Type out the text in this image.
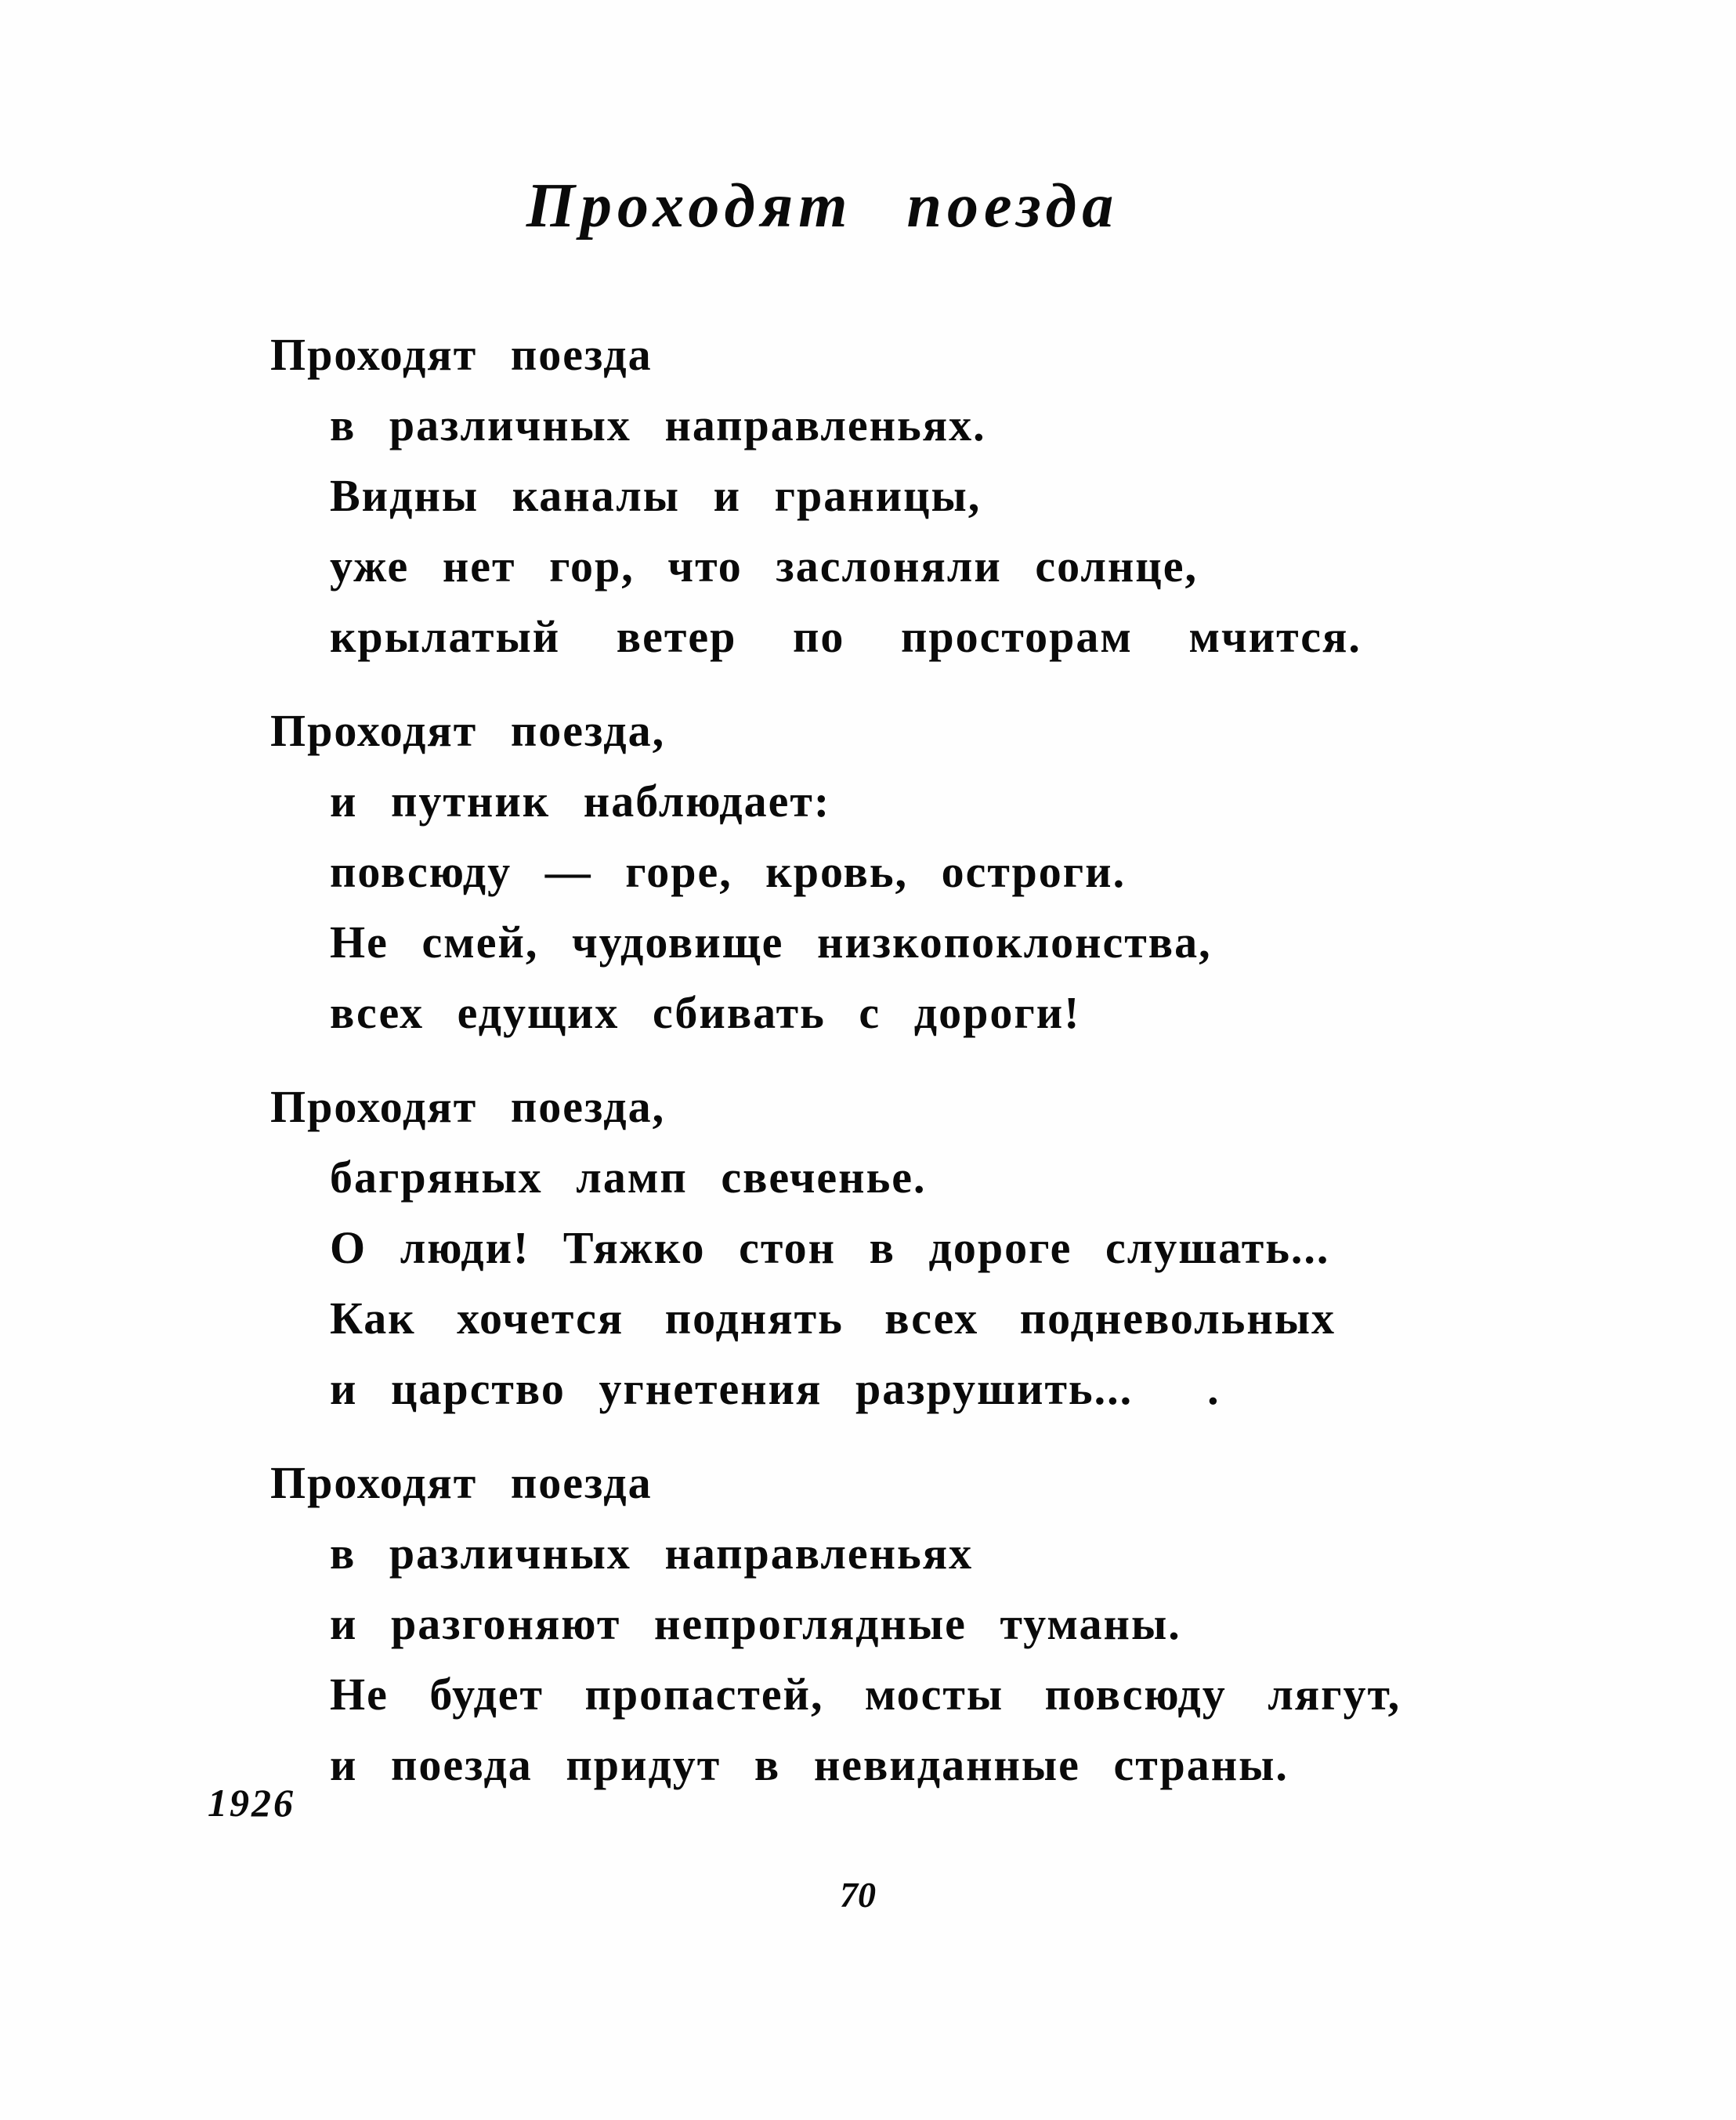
Проходят поезда
Проходят поезда
в различных направленьях.
Видны каналы и границы,
уже нет гор, что заслоняли солнце,
крылатый ветер по просторам мчится.
Проходят поезда,
и путник наблюдает:
повсюду — горе, кровь, остроги.
Не смей, чудовище низкопоклонства,
всех едущих сбивать с дороги!
Проходят поезда,
багряных ламп свеченье.
О люди! Тяжко стон в дороге слушать...
Как хочется поднять всех подневольных
и царство угнетения разрушить... .
Проходят поезда
в различных направленьях
и разгоняют непроглядные туманы.
Не будет пропастей, мосты повсюду лягут,
и поезда придут в невиданные страны.
1926
70
